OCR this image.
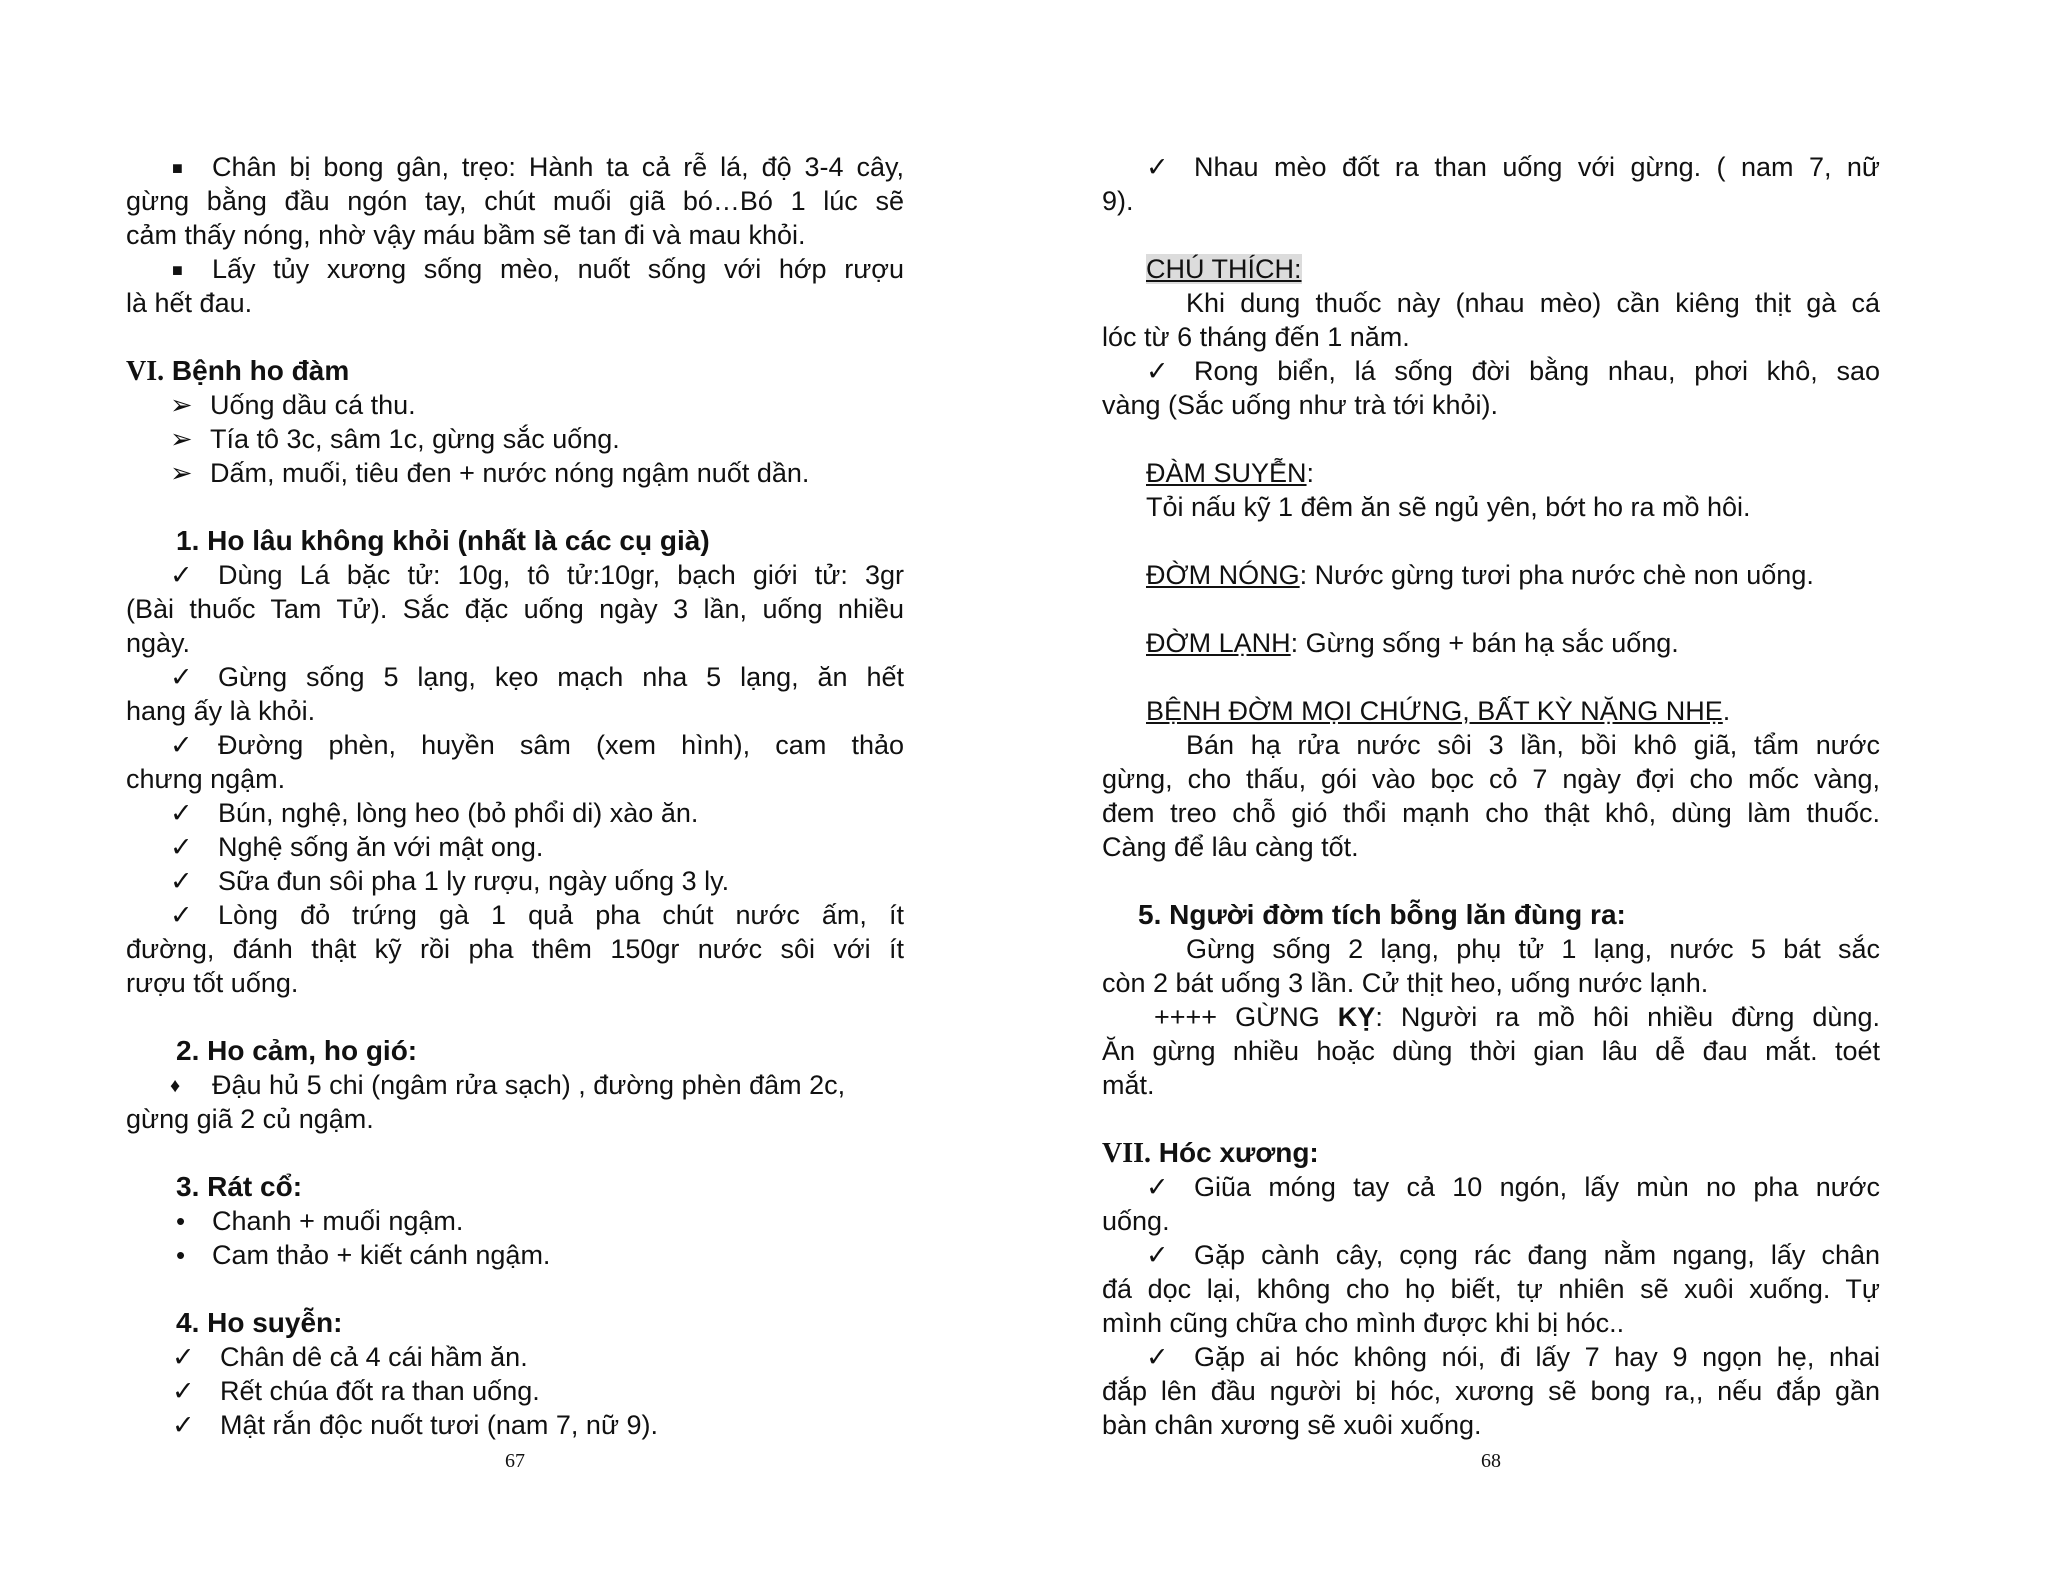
■ Chân bị bong gân, trẹo: Hành ta cả rễ lá, độ 3-4 cây,
gừng bằng đầu ngón tay, chút muối giã bó…Bó 1 lúc sẽ
cảm thấy nóng, nhờ vậy máu bầm sẽ tan đi và mau khỏi.
■ Lấy tủy xương sống mèo, nuốt sống với hớp rượu
là hết đau.
VI. Bệnh ho đàm
➢ Uống dầu cá thu.
➢ Tía tô 3c, sâm 1c, gừng sắc uống.
➢ Dấm, muối, tiêu đen + nước nóng ngậm nuốt dần.
1. Ho lâu không khỏi (nhất là các cụ già)
✓ Dùng Lá bặc tử: 10g, tô tử:10gr, bạch giới tử: 3gr
(Bài thuốc Tam Tử). Sắc đặc uống ngày 3 lần, uống nhiều
ngày.
✓ Gừng sống 5 lạng, kẹo mạch nha 5 lạng, ăn hết
hang ấy là khỏi.
✓ Đường phèn, huyền sâm (xem hình), cam thảo
chưng ngậm.
✓ Bún, nghệ, lòng heo (bỏ phổi di) xào ăn.
✓ Nghệ sống ăn với mật ong.
✓ Sữa đun sôi pha 1 ly rượu, ngày uống 3 ly.
✓ Lòng đỏ trứng gà 1 quả pha chút nước ấm, ít
đường, đánh thật kỹ rồi pha thêm 150gr nước sôi với ít
rượu tốt uống.
2. Ho cảm, ho gió:
♦ Đậu hủ 5 chi (ngâm rửa sạch) , đường phèn đâm 2c,
gừng giã 2 củ ngậm.
3. Rát cổ:
• Chanh + muối ngậm.
• Cam thảo + kiết cánh ngậm.
4. Ho suyễn:
✓ Chân dê cả 4 cái hầm ăn.
✓ Rết chúa đốt ra than uống.
✓ Mật rắn độc nuốt tươi (nam 7, nữ 9).
67
✓ Nhau mèo đốt ra than uống với gừng. ( nam 7, nữ
9).
CHÚ THÍCH:
Khi dung thuốc này (nhau mèo) cần kiêng thịt gà cá
lóc từ 6 tháng đến 1 năm.
✓ Rong biển, lá sống đời bằng nhau, phơi khô, sao
vàng (Sắc uống như trà tới khỏi).
ĐÀM SUYỄN:
Tỏi nấu kỹ 1 đêm ăn sẽ ngủ yên, bớt ho ra mồ hôi.
ĐỜM NÓNG: Nước gừng tươi pha nước chè non uống.
ĐỜM LẠNH: Gừng sống + bán hạ sắc uống.
BỆNH ĐỜM MỌI CHỨNG, BẤT KỲ NẶNG NHẸ.
Bán hạ rửa nước sôi 3 lần, bồi khô giã, tẩm nước
gừng, cho thấu, gói vào bọc cỏ 7 ngày đợi cho mốc vàng,
đem treo chỗ gió thổi mạnh cho thật khô, dùng làm thuốc.
Càng để lâu càng tốt.
5. Người đờm tích bỗng lăn đùng ra:
Gừng sống 2 lạng, phụ tử 1 lạng, nước 5 bát sắc
còn 2 bát uống 3 lần. Cử thịt heo, uống nước lạnh.
++++ GỪNG KỴ: Người ra mồ hôi nhiều đừng dùng.
Ăn gừng nhiều hoặc dùng thời gian lâu dễ đau mắt. toét
mắt.
VII. Hóc xương:
✓ Giũa móng tay cả 10 ngón, lấy mùn no pha nước
uống.
✓ Gặp cành cây, cọng rác đang nằm ngang, lấy chân
đá dọc lại, không cho họ biết, tự nhiên sẽ xuôi xuống. Tự
mình cũng chữa cho mình được khi bị hóc..
✓ Gặp ai hóc không nói, đi lấy 7 hay 9 ngọn hẹ, nhai
đắp lên đầu người bị hóc, xương sẽ bong ra,, nếu đắp gần
bàn chân xương sẽ xuôi xuống.
68
